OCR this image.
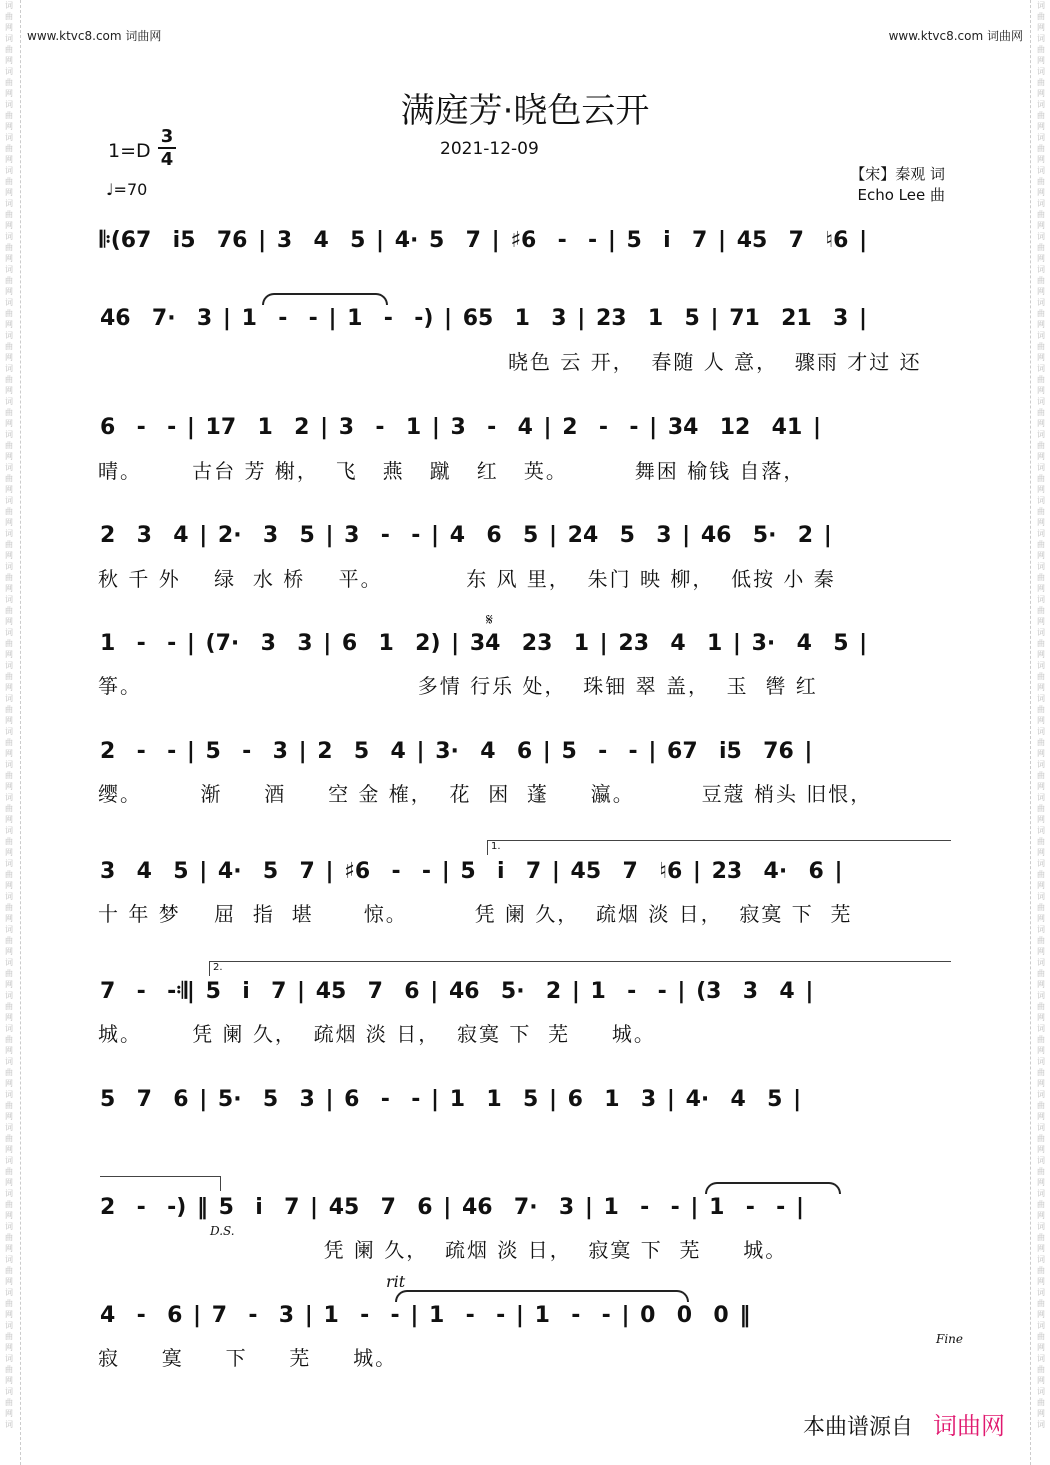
www.ktvc8.com 词曲网	www.ktvc8.com 词曲网
词
曲
网
词
曲
网
词
曲
网
词
曲
网
词
曲
网
词
曲
网
词
曲
网
词
曲
网
词
曲
网
词
曲
网
词
曲
网
词
曲
网
词
曲
网
词
曲
网
词
曲
网
词
曲
网
词
曲
网
词
曲
网
词
曲
网
词
曲
网
词
曲
网
词
曲
网
词
曲
网
词
曲
网
词
曲
网
词
曲
网
词
曲
网
词
曲
网
词
曲
网
词
曲
网
词
曲
网
词
曲
网
词
曲
网
词
曲
网
词
曲
网
词
曲
网
词
曲
网
词
曲
网
词
曲
网
词
曲
网
词
曲
网
词
曲
网
词
曲
网
词
词
曲
网
词
曲
网
词
曲
网
词
曲
网
词
曲
网
词
曲
网
词
曲
网
词
曲
网
词
曲
网
词
曲
网
词
曲
网
词
曲
网
词
曲
网
词
曲
网
词
曲
网
词
曲
网
词
曲
网
词
曲
网
词
曲
网
词
曲
网
词
曲
网
词
曲
网
词
曲
网
词
曲
网
词
曲
网
词
曲
网
词
曲
网
词
曲
网
词
曲
网
词
曲
网
词
曲
网
词
曲
网
词
曲
网
词
曲
网
词
曲
网
词
曲
网
词
曲
网
词
曲
网
词
曲
网
词
曲
网
词
曲
网
词
曲
网
词
曲
网
词
满庭芳·晓色云开
1=D
3
4	2021-12-09
♩=70
【宋】秦观 词
Echo Lee 曲
𝄆(67  i5  76 | 3  4  5 | 4· 5  7 | ♯6  -  - | 5  i  7 | 45  7  ♮6 |
46  7·  3 | 1  -  - | 1  -  -) | 65  1  3 | 23  1  5 | 71  21  3 |
晓色 云 开，  春随 人 意，  骤雨 才过 还
6  -  - | 17  1  2 | 3  -  1 | 3  -  4 | 2  -  - | 34  12  41 |
晴。      古台 芳 榭，  飞   燕   蹴   红   英。        舞困 榆钱 自落，
2  3  4 | 2·  3  5 | 3  -  - | 4  6  5 | 24  5  3 | 46  5·  2 |
秋 千 外    绿  水 桥    平。          东 风 里，  朱门 映 柳，  低按 小 秦
𝄋
1  -  - | (7·  3  3 | 6  1  2) | 34  23  1 | 23  4  1 | 3·  4  5 |
筝。                                 多情 行乐 处，  珠钿 翠 盖，  玉  辔 红
2  -  - | 5  -  3 | 2  5  4 | 3·  4  6 | 5  -  - | 67  i5  76 |
缨。       渐     酒     空 金 榷，  花  困  蓬     瀛。        豆蔻 梢头 旧恨，
1.
3  4  5 | 4·  5  7 | ♯6  -  - | 5  i  7 | 45  7  ♮6 | 23  4·  6 |
十 年 梦    屈  指  堪      惊。        凭 阑 久，  疏烟 淡 日，  寂寞 下  芜
2.
7  -  -𝄇| 5  i  7 | 45  7  6 | 46  5·  2 | 1  -  - | (3  3  4 |
城。      凭 阑 久，  疏烟 淡 日，  寂寞 下  芜     城。
5  7  6 | 5·  5  3 | 6  -  - | 1  1  5 | 6  1  3 | 4·  4  5 |
2  -  -) ‖ 5  i  7 | 45  7  6 | 46  7·  3 | 1  -  - | 1  -  - |
D.S.
凭 阑 久，  疏烟 淡 日，  寂寞 下  芜     城。
rit
4  -  6 | 7  -  3 | 1  -  - | 1  -  - | 1  -  - | 0  0  0 ‖
Fine
寂     寞     下     芜     城。
本曲谱源自 词曲网
